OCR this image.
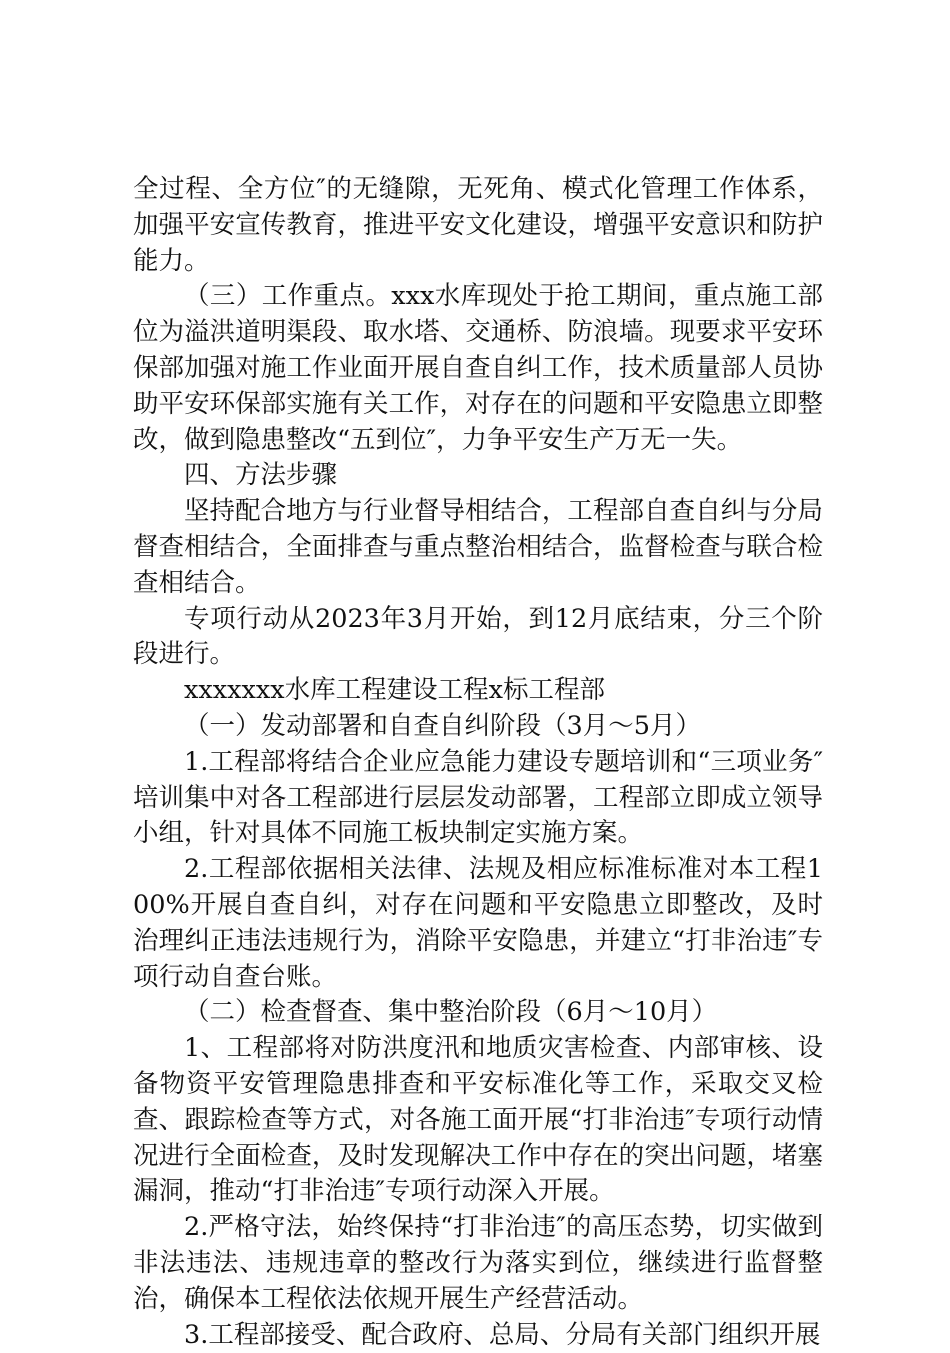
全过程、全方位″的无缝隙，无死角、模式化管理工作体系，加强平安宣传教育，推进平安文化建设，增强平安意识和防护能力。

（三）工作重点。xxx水库现处于抢工期间，重点施工部位为溢洪道明渠段、取水塔、交通桥、防浪墙。现要求平安环保部加强对施工作业面开展自查自纠工作，技术质量部人员协助平安环保部实施有关工作，对存在的问题和平安隐患立即整改，做到隐患整改“五到位″，力争平安生产万无一失。

四、方法步骤

坚持配合地方与行业督导相结合，工程部自查自纠与分局督查相结合，全面排查与重点整治相结合，监督检查与联合检查相结合。

专项行动从2023年3月开始，到12月底结束，分三个阶段进行。

xxxxxxx水库工程建设工程x标工程部

（一）发动部署和自查自纠阶段（3月～5月）

1.工程部将结合企业应急能力建设专题培训和“三项业务″培训集中对各工程部进行层层发动部署，工程部立即成立领导小组，针对具体不同施工板块制定实施方案。

2.工程部依据相关法律、法规及相应标准标准对本工程100%开展自查自纠，对存在问题和平安隐患立即整改，及时治理纠正违法违规行为，消除平安隐患，并建立“打非治违″专项行动自查台账。

（二）检查督查、集中整治阶段（6月～10月）

1、工程部将对防洪度汛和地质灾害检查、内部审核、设备物资平安管理隐患排查和平安标准化等工作，采取交叉检查、跟踪检查等方式，对各施工面开展“打非治违″专项行动情况进行全面检查，及时发现解决工作中存在的突出问题，堵塞漏洞，推动“打非治违″专项行动深入开展。

2.严格守法，始终保持“打非治违″的高压态势，切实做到非法违法、违规违章的整改行为落实到位，继续进行监督整治，确保本工程依法依规开展生产经营活动。

3.工程部接受、配合政府、总局、分局有关部门组织开展
